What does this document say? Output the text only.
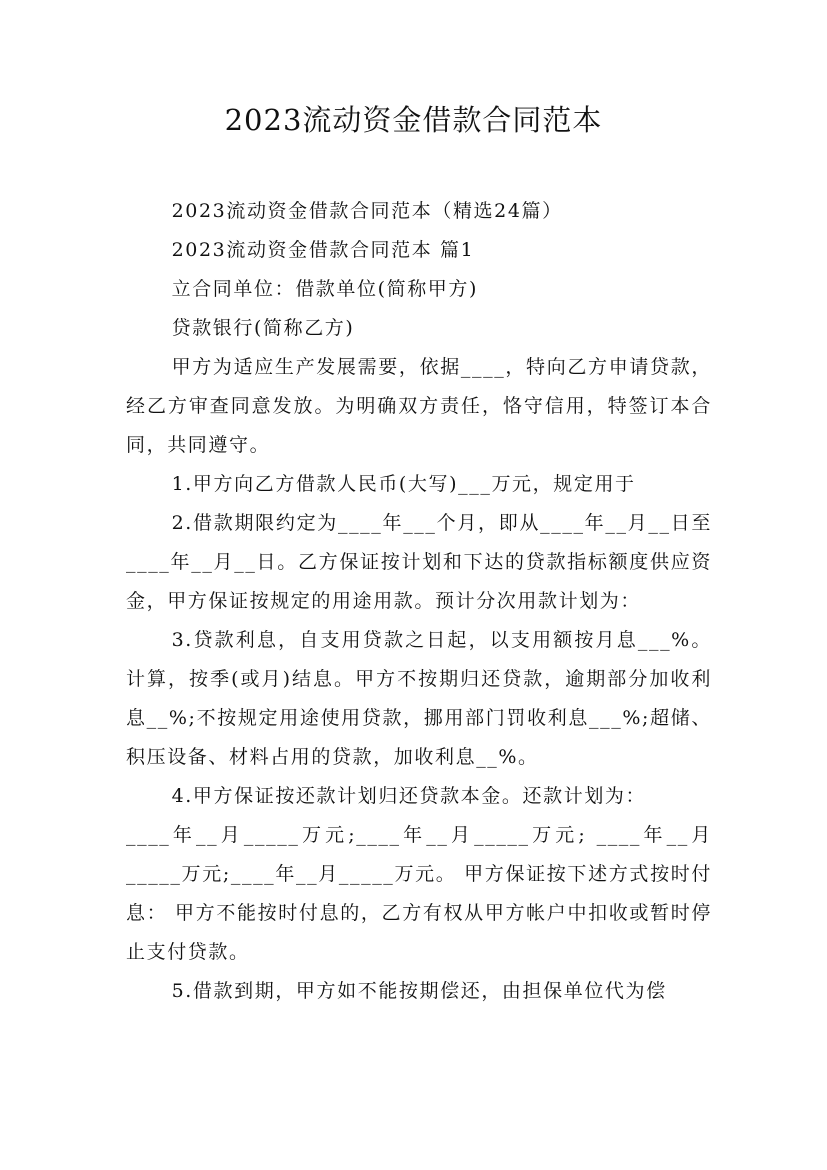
2023流动资金借款合同范本

2023流动资金借款合同范本（精选24篇）

2023流动资金借款合同范本 篇1

立合同单位：借款单位(简称甲方)

贷款银行(简称乙方)

甲方为适应生产发展需要，依据____，特向乙方申请贷款，经乙方审查同意发放。为明确双方责任，恪守信用，特签订本合同，共同遵守。

1.甲方向乙方借款人民币(大写)___万元，规定用于

2.借款期限约定为____年___个月，即从____年__月__日至____年__月__日。乙方保证按计划和下达的贷款指标额度供应资金，甲方保证按规定的用途用款。预计分次用款计划为：

3.贷款利息，自支用贷款之日起，以支用额按月息___%。计算，按季(或月)结息。甲方不按期归还贷款，逾期部分加收利息__%;不按规定用途使用贷款，挪用部门罚收利息___%;超储、积压设备、材料占用的贷款，加收利息__%。

4.甲方保证按还款计划归还贷款本金。还款计划为：

____年__月_____万元;____年__月_____万元; ____年__月_____万元;____年__月_____万元。 甲方保证按下述方式按时付息： 甲方不能按时付息的，乙方有权从甲方帐户中扣收或暂时停止支付贷款。

5.借款到期，甲方如不能按期偿还，由担保单位代为偿
